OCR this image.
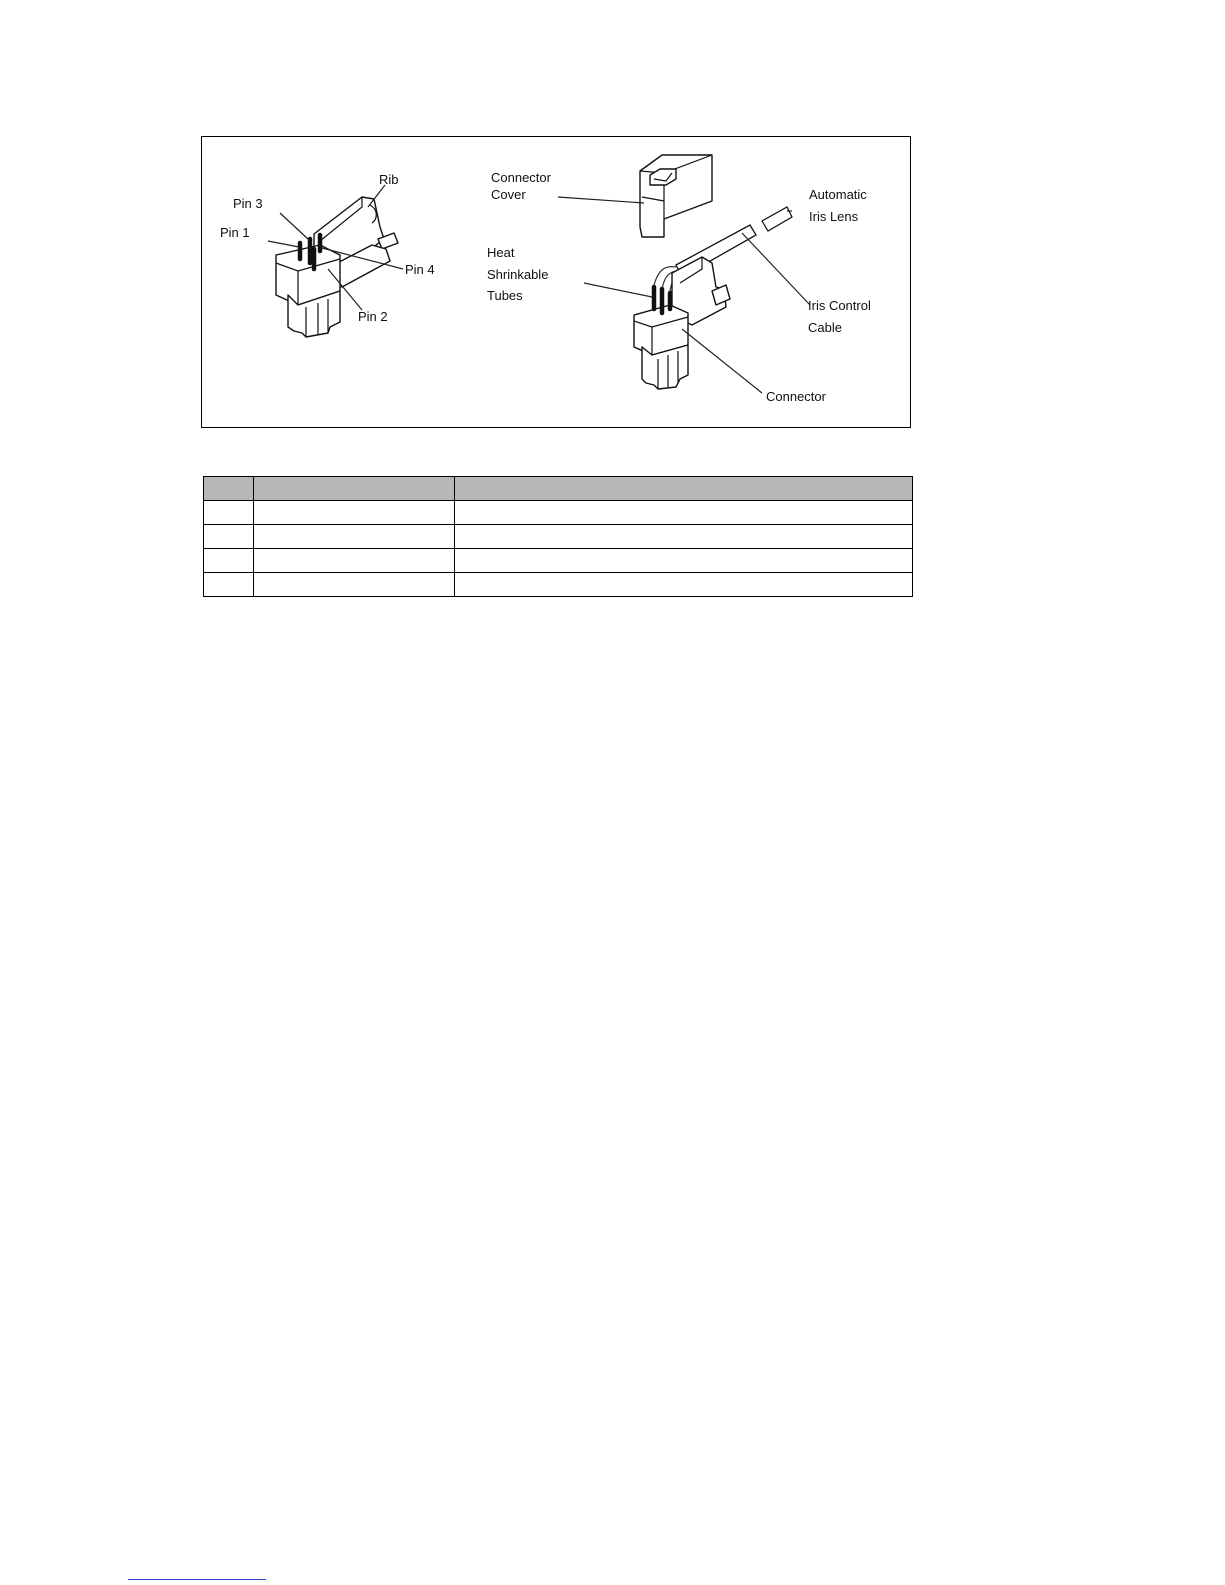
Rib
Pin 3
Pin 1
Pin 4
Pin 2
Connector
Cover	Automatic
Iris Lens
Heat
Shrinkable
Tubes
Iris Control
Cable
Connector
